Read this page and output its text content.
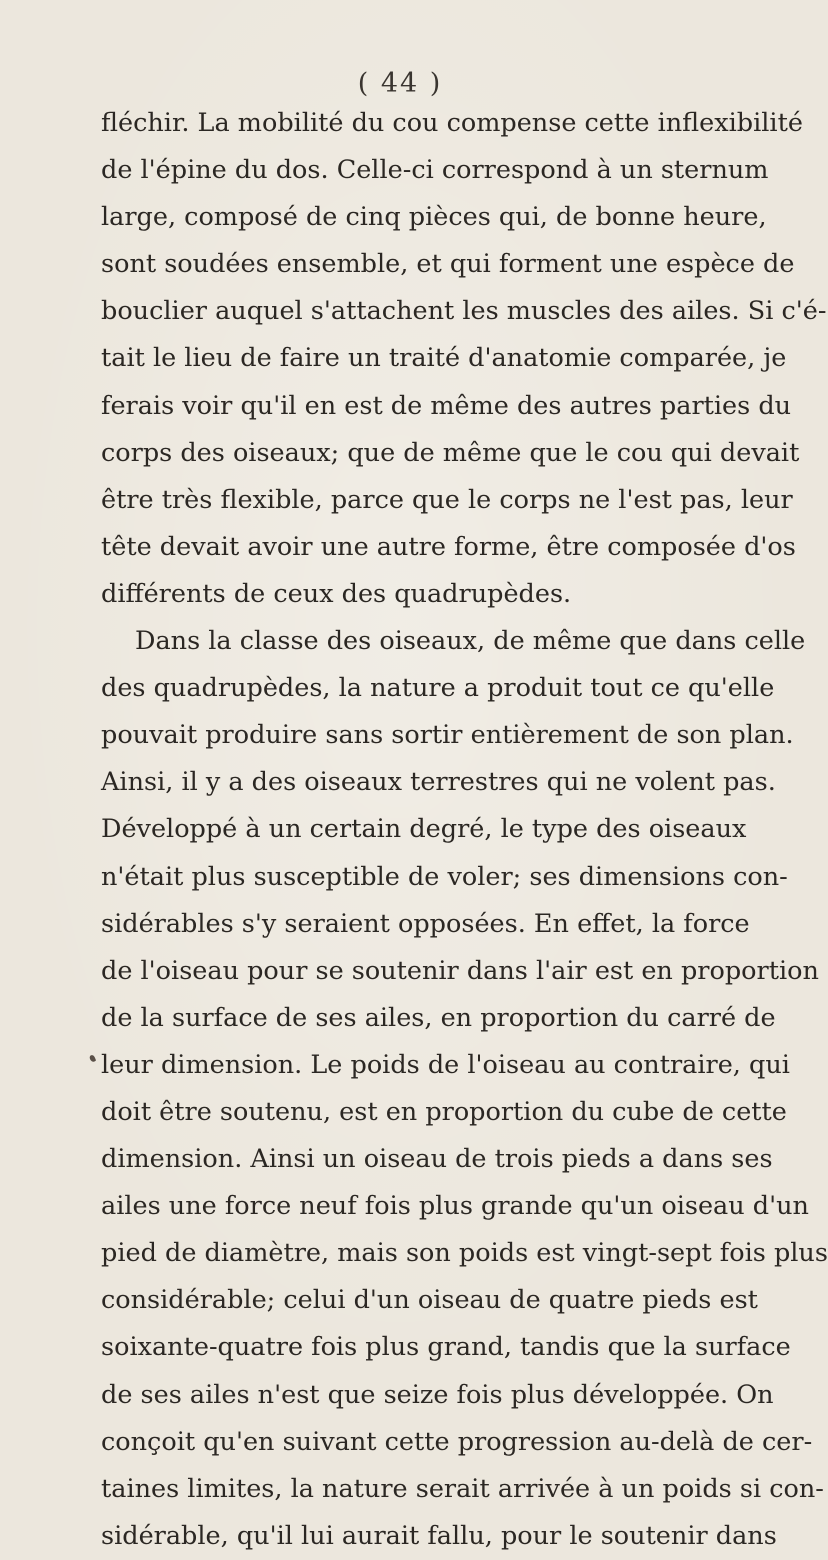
( 44 )
fléchir. La mobilité du cou compense cette inflexibilité
de l'épine du dos. Celle-ci correspond à un sternum
large, composé de cinq pièces qui, de bonne heure,
sont soudées ensemble, et qui forment une espèce de
bouclier auquel s'attachent les muscles des ailes. Si c'é-
tait le lieu de faire un traité d'anatomie comparée, je
ferais voir qu'il en est de même des autres parties du
corps des oiseaux; que de même que le cou qui devait
être très flexible, parce que le corps ne l'est pas, leur
tête devait avoir une autre forme, être composée d'os
différents de ceux des quadrupèdes.
Dans la classe des oiseaux, de même que dans celle
des quadrupèdes, la nature a produit tout ce qu'elle
pouvait produire sans sortir entièrement de son plan.
Ainsi, il y a des oiseaux terrestres qui ne volent pas.
Développé à un certain degré, le type des oiseaux
n'était plus susceptible de voler; ses dimensions con-
sidérables s'y seraient opposées. En effet, la force
de l'oiseau pour se soutenir dans l'air est en proportion
de la surface de ses ailes, en proportion du carré de
leur dimension. Le poids de l'oiseau au contraire, qui
doit être soutenu, est en proportion du cube de cette
dimension. Ainsi un oiseau de trois pieds a dans ses
ailes une force neuf fois plus grande qu'un oiseau d'un
pied de diamètre, mais son poids est vingt-sept fois plus
considérable; celui d'un oiseau de quatre pieds est
soixante-quatre fois plus grand, tandis que la surface
de ses ailes n'est que seize fois plus développée. On
conçoit qu'en suivant cette progression au-delà de cer-
taines limites, la nature serait arrivée à un poids si con-
sidérable, qu'il lui aurait fallu, pour le soutenir dans
